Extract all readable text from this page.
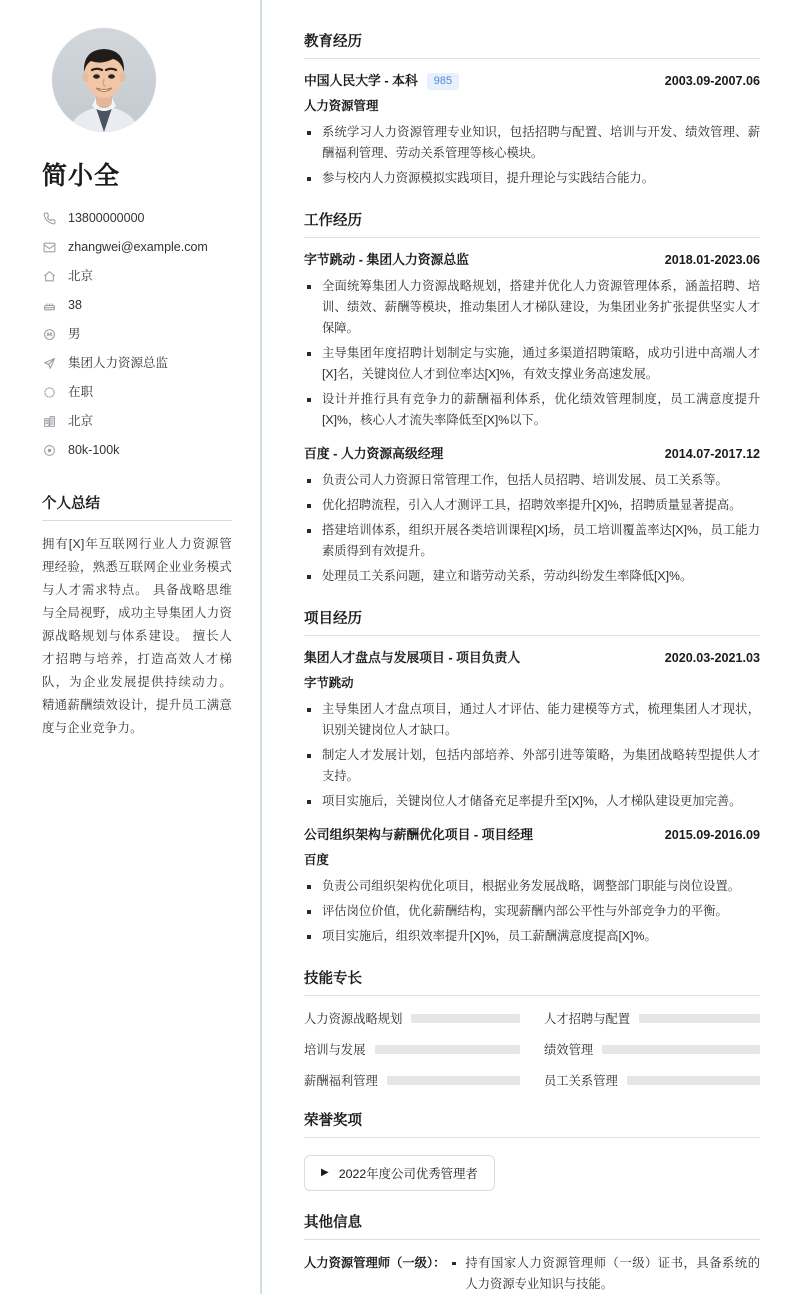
简小全
13800000000
zhangwei@example.com
北京
38
男
集团人力资源总监
在职
北京
80k-100k
个人总结

拥有[X]年互联网行业人力资源管理经验，熟悉互联网企业业务模式与人才需求特点。 具备战略思维与全局视野，成功主导集团人力资源战略规划与体系建设。 擅长人才招聘与培养，打造高效人才梯队，为企业发展提供持续动力。 精通薪酬绩效设计，提升员工满意度与企业竞争力。

教育经历
中国人民大学 - 本科	985	2003.09-2007.06
人力资源管理
系统学习人力资源管理专业知识，包括招聘与配置、培训与开发、绩效管理、薪酬福利管理、劳动关系管理等核心模块。
参与校内人力资源模拟实践项目，提升理论与实践结合能力。
工作经历
字节跳动 - 集团人力资源总监	2018.01-2023.06
全面统筹集团人力资源战略规划，搭建并优化人力资源管理体系，涵盖招聘、培训、绩效、薪酬等模块，推动集团人才梯队建设，为集团业务扩张提供坚实人才保障。
主导集团年度招聘计划制定与实施，通过多渠道招聘策略，成功引进中高端人才[X]名，关键岗位人才到位率达[X]%，有效支撑业务高速发展。
设计并推行具有竞争力的薪酬福利体系，优化绩效管理制度，员工满意度提升[X]%，核心人才流失率降低至[X]%以下。
百度 - 人力资源高级经理	2014.07-2017.12
负责公司人力资源日常管理工作，包括人员招聘、培训发展、员工关系等。
优化招聘流程，引入人才测评工具，招聘效率提升[X]%，招聘质量显著提高。
搭建培训体系，组织开展各类培训课程[X]场，员工培训覆盖率达[X]%，员工能力素质得到有效提升。
处理员工关系问题，建立和谐劳动关系，劳动纠纷发生率降低[X]%。
项目经历
集团人才盘点与发展项目 - 项目负责人	2020.03-2021.03
字节跳动
主导集团人才盘点项目，通过人才评估、能力建模等方式，梳理集团人才现状，识别关键岗位人才缺口。
制定人才发展计划，包括内部培养、外部引进等策略，为集团战略转型提供人才支持。
项目实施后，关键岗位人才储备充足率提升至[X]%，人才梯队建设更加完善。
公司组织架构与薪酬优化项目 - 项目经理	2015.09-2016.09
百度
负责公司组织架构优化项目，根据业务发展战略，调整部门职能与岗位设置。
评估岗位价值，优化薪酬结构，实现薪酬内部公平性与外部竞争力的平衡。
项目实施后，组织效率提升[X]%，员工薪酬满意度提高[X]%。
技能专长
人力资源战略规划	人才招聘与配置
培训与发展	绩效管理
薪酬福利管理	员工关系管理
荣誉奖项
▶ 2022年度公司优秀管理者
其他信息
人力资源管理师（一级）：	持有国家人力资源管理师（一级）证书，具备系统的人力资源专业知识与技能。
